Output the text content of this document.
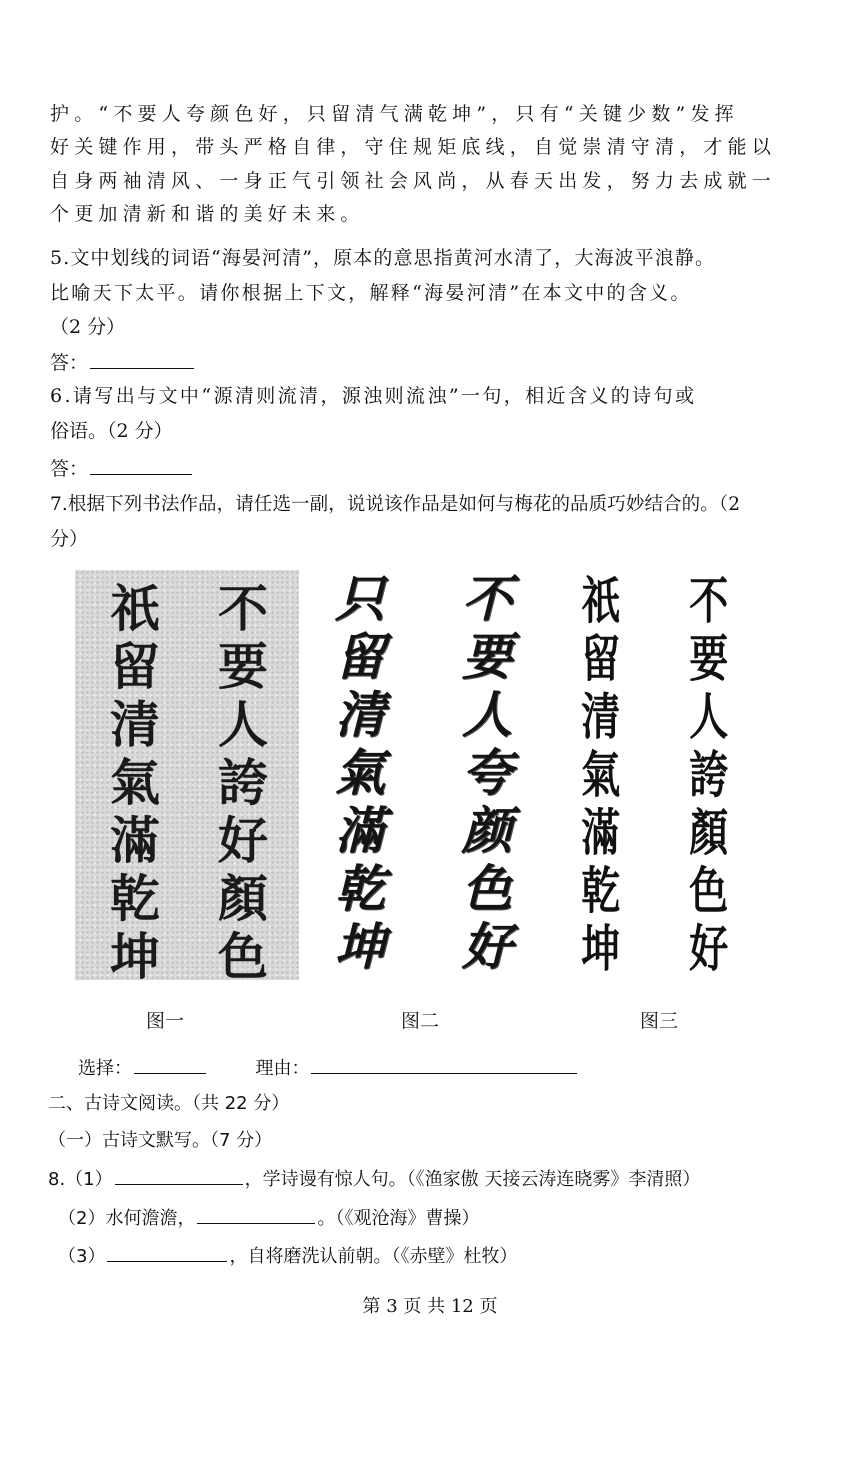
护。“不要人夸颜色好，只留清气满乾坤”，只有“关键少数”发挥
好关键作用，带头严格自律，守住规矩底线，自觉崇清守清，才能以
自身两袖清风、一身正气引领社会风尚，从春天出发，努力去成就一
个更加清新和谐的美好未来。
5.文中划线的词语“海晏河清”，原本的意思指黄河水清了，大海波平浪静。
比喻天下太平。请你根据上下文，解释“海晏河清”在本文中的含义。
（2 分）
答：
6.请写出与文中“源清则流清，源浊则流浊”一句，相近含义的诗句或
俗语。（2 分）
答：
7.根据下列书法作品，请任选一副，说说该作品是如何与梅花的品质巧妙结合的。（2
分）
祇
留
清
氣
滿
乾
坤
不
要
人
誇
好
顏
色
只
留
清
氣
滿
乾
坤
不
要
人
夸
颜
色
好
祇
留
清
氣
滿
乾
坤
不
要
人
誇
顏
色
好
图一	图二	图三
选择：	理由：
二、古诗文阅读。（共 22 分）
（一）古诗文默写。（7 分）
8.（1）	，学诗谩有惊人句。（《渔家傲 天接云涛连晓雾》李清照）
（2）水何澹澹，	。（《观沧海》曹操）
（3）	，自将磨洗认前朝。（《赤壁》杜牧）
第 3 页 共 12 页
